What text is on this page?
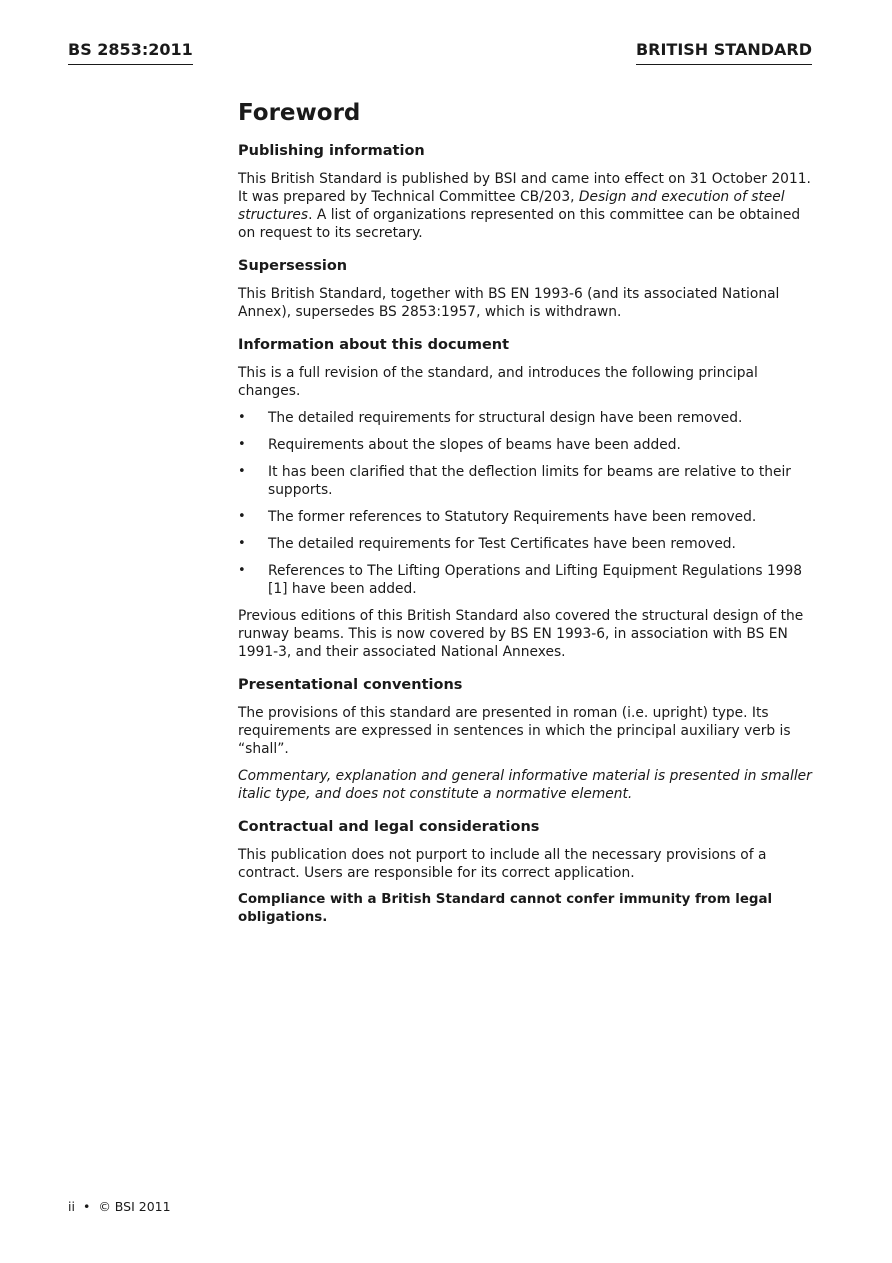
BS 2853:2011	BRITISH STANDARD
Foreword
Publishing information

This British Standard is published by BSI and came into effect on 31 October 2011. It was prepared by Technical Committee CB/203, Design and execution of steel structures. A list of organizations represented on this committee can be obtained on request to its secretary.

Supersession

This British Standard, together with BS EN 1993-6 (and its associated National Annex), supersedes BS 2853:1957, which is withdrawn.

Information about this document

This is a full revision of the standard, and introduces the following principal changes.

•	The detailed requirements for structural design have been removed.
•	Requirements about the slopes of beams have been added.
•	It has been clarified that the deflection limits for beams are relative to their supports.
•	The former references to Statutory Requirements have been removed.
•	The detailed requirements for Test Certificates have been removed.
•	References to The Lifting Operations and Lifting Equipment Regulations 1998 [1] have been added.

Previous editions of this British Standard also covered the structural design of the runway beams. This is now covered by BS EN 1993-6, in association with BS EN 1991-3, and their associated National Annexes.

Presentational conventions

The provisions of this standard are presented in roman (i.e. upright) type. Its requirements are expressed in sentences in which the principal auxiliary verb is “shall”.

Commentary, explanation and general informative material is presented in smaller italic type, and does not constitute a normative element.

Contractual and legal considerations

This publication does not purport to include all the necessary provisions of a contract. Users are responsible for its correct application.

Compliance with a British Standard cannot confer immunity from legal obligations.

ii • © BSI 2011
